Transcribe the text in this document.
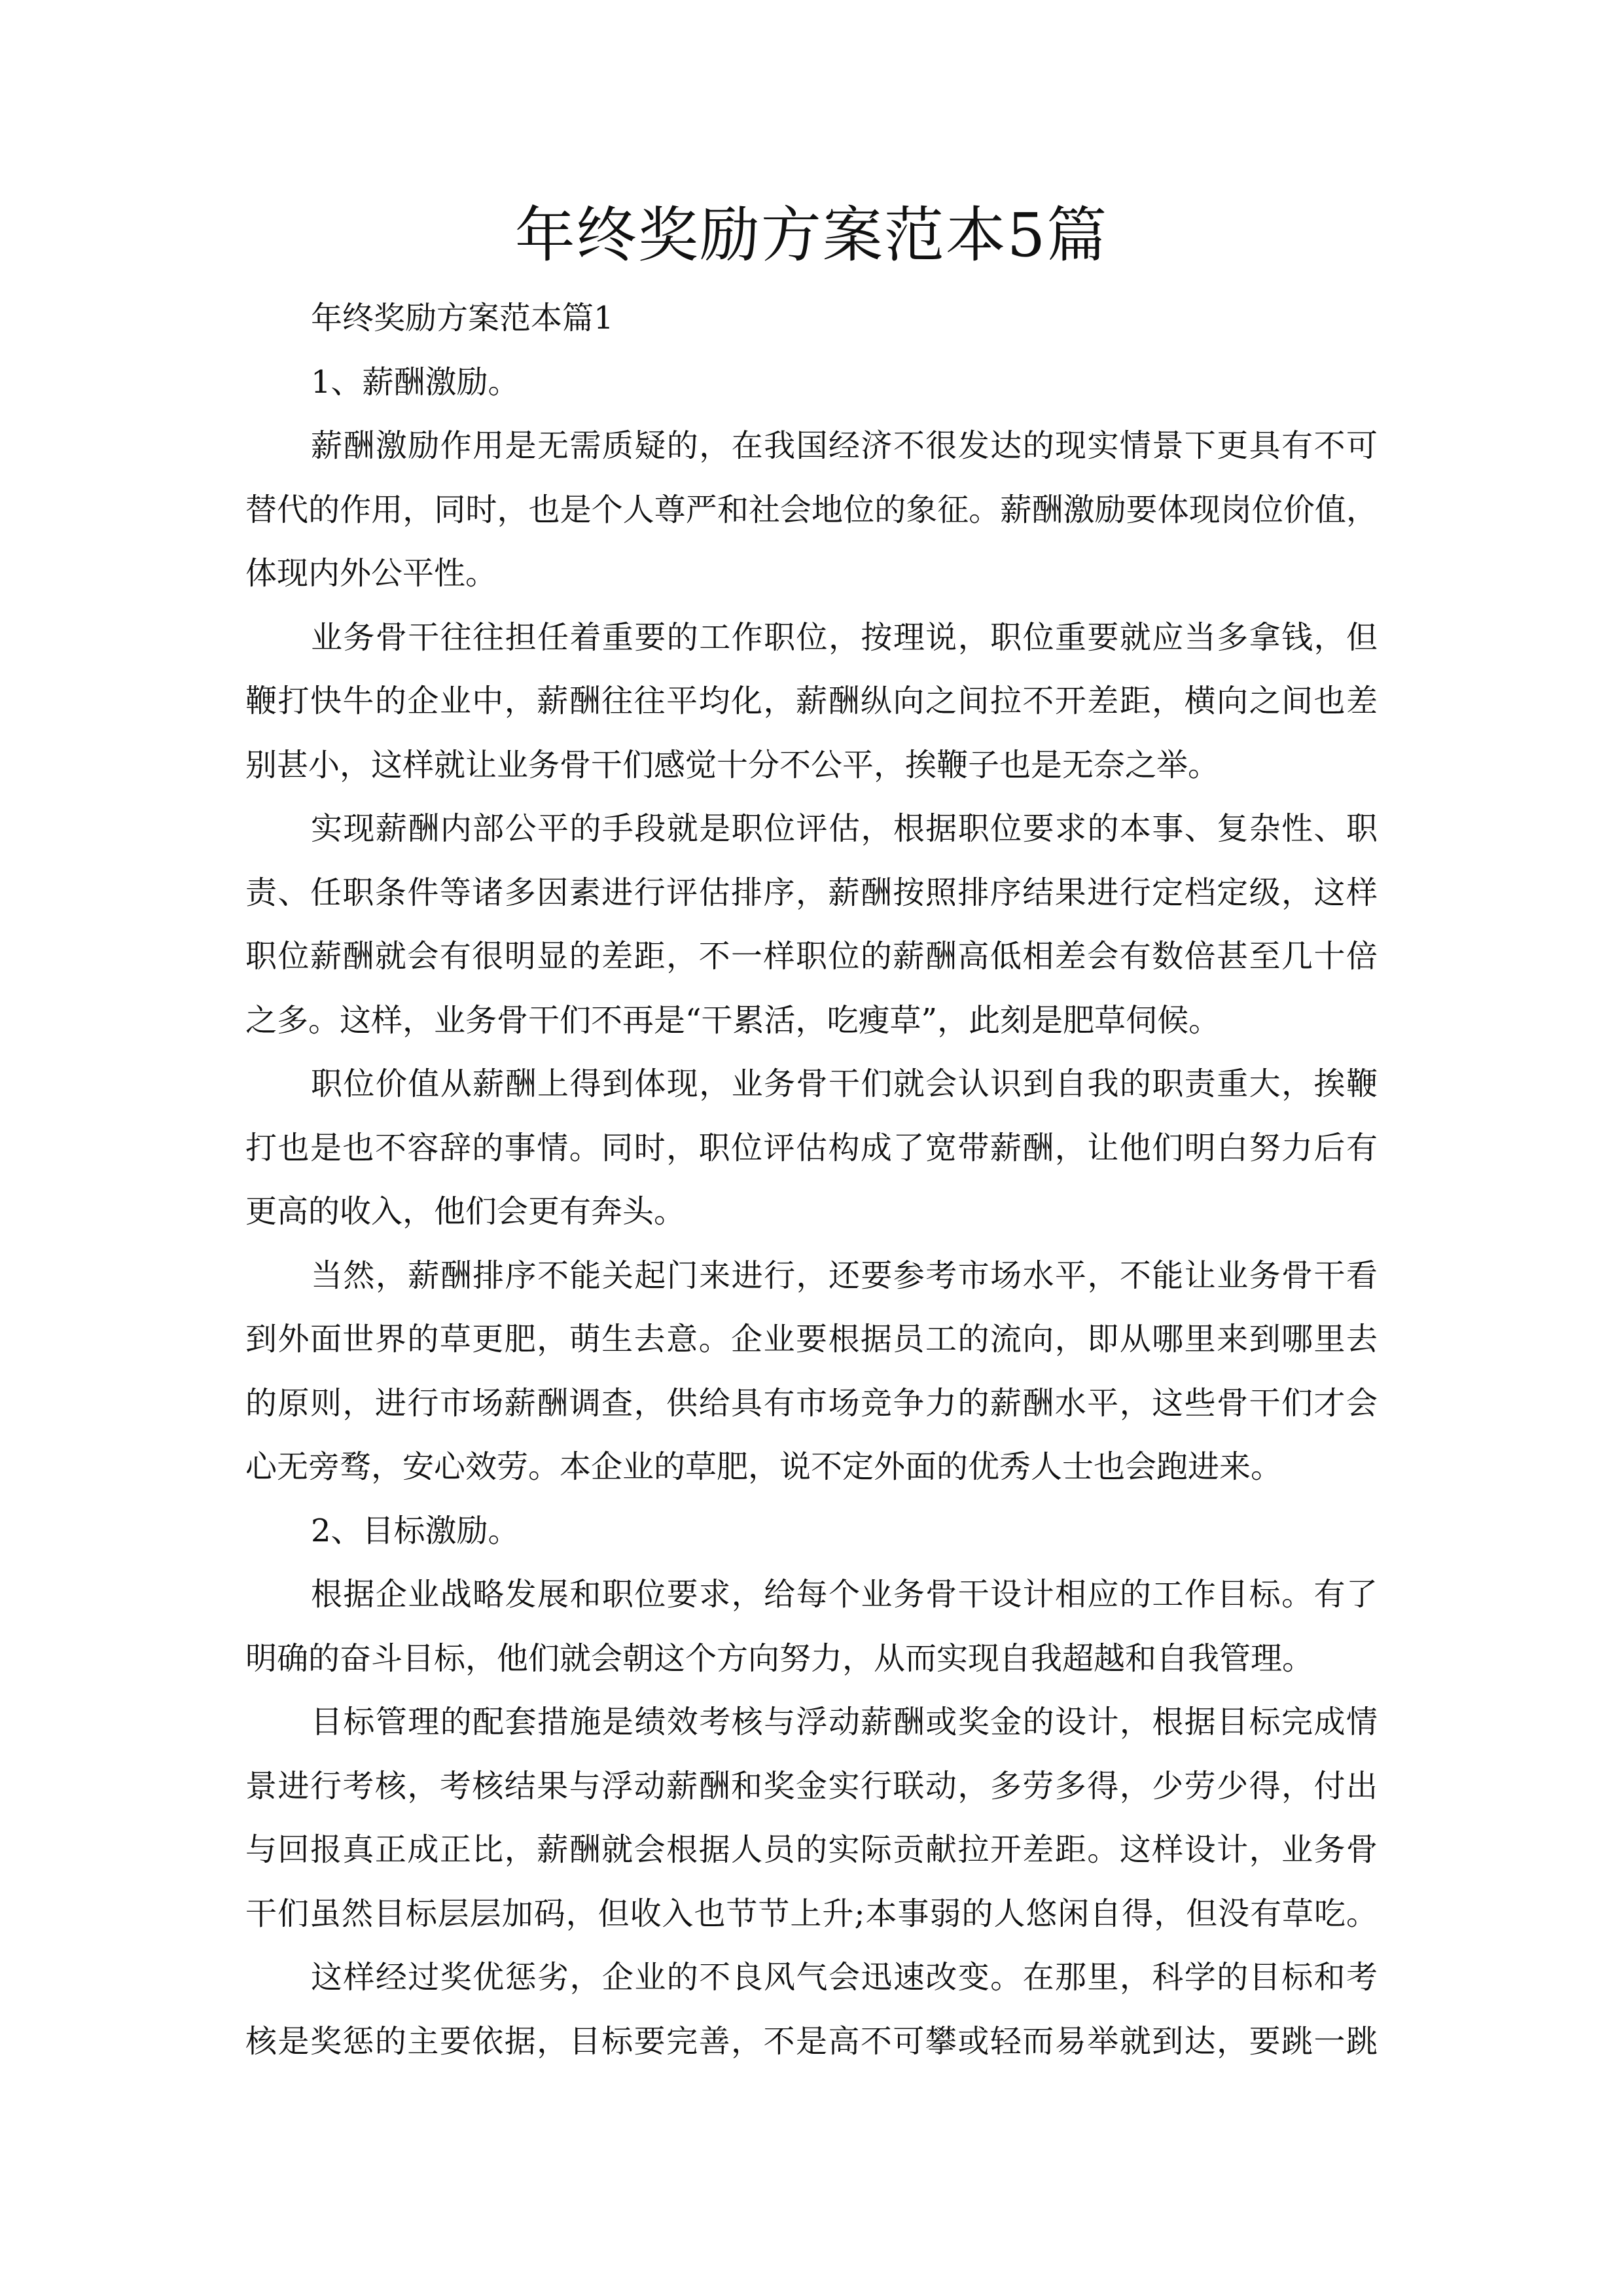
年终奖励方案范本5篇

年终奖励方案范本篇1

1、薪酬激励。

薪酬激励作用是无需质疑的，在我国经济不很发达的现实情景下更具有不可
替代的作用，同时，也是个人尊严和社会地位的象征。薪酬激励要体现岗位价值，
体现内外公平性。

业务骨干往往担任着重要的工作职位，按理说，职位重要就应当多拿钱，但
鞭打快牛的企业中，薪酬往往平均化，薪酬纵向之间拉不开差距，横向之间也差
别甚小，这样就让业务骨干们感觉十分不公平，挨鞭子也是无奈之举。

实现薪酬内部公平的手段就是职位评估，根据职位要求的本事、复杂性、职
责、任职条件等诸多因素进行评估排序，薪酬按照排序结果进行定档定级，这样
职位薪酬就会有很明显的差距，不一样职位的薪酬高低相差会有数倍甚至几十倍
之多。这样，业务骨干们不再是“干累活，吃瘦草”，此刻是肥草伺候。

职位价值从薪酬上得到体现，业务骨干们就会认识到自我的职责重大，挨鞭
打也是也不容辞的事情。同时，职位评估构成了宽带薪酬，让他们明白努力后有
更高的收入，他们会更有奔头。

当然，薪酬排序不能关起门来进行，还要参考市场水平，不能让业务骨干看
到外面世界的草更肥，萌生去意。企业要根据员工的流向，即从哪里来到哪里去
的原则，进行市场薪酬调查，供给具有市场竞争力的薪酬水平，这些骨干们才会
心无旁骛，安心效劳。本企业的草肥，说不定外面的优秀人士也会跑进来。

2、目标激励。

根据企业战略发展和职位要求，给每个业务骨干设计相应的工作目标。有了
明确的奋斗目标，他们就会朝这个方向努力，从而实现自我超越和自我管理。

目标管理的配套措施是绩效考核与浮动薪酬或奖金的设计，根据目标完成情
景进行考核，考核结果与浮动薪酬和奖金实行联动，多劳多得，少劳少得，付出
与回报真正成正比，薪酬就会根据人员的实际贡献拉开差距。这样设计，业务骨
干们虽然目标层层加码，但收入也节节上升;本事弱的人悠闲自得，但没有草吃。

这样经过奖优惩劣，企业的不良风气会迅速改变。在那里，科学的目标和考
核是奖惩的主要依据，目标要完善，不是高不可攀或轻而易举就到达，要跳一跳
